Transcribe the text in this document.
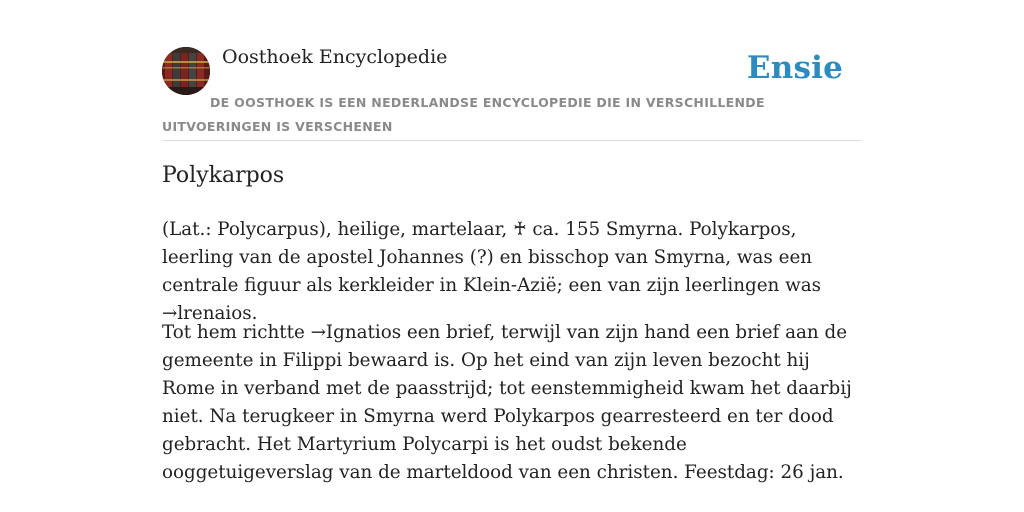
Oosthoek Encyclopedie	Ensie
DE OOSTHOEK IS EEN NEDERLANDSE ENCYCLOPEDIE DIE IN VERSCHILLENDE UITVOERINGEN IS VERSCHENEN
Polykarpos

(Lat.: Polycarpus), heilige, martelaar, ♰ ca. 155 Smyrna. Polykarpos, leerling van de apostel Johannes (?) en bisschop van Smyrna, was een centrale figuur als kerkleider in Klein-Azië; een van zijn leerlingen was →lrenaios.

Tot hem richtte →Ignatios een brief, terwijl van zijn hand een brief aan de gemeente in Filippi bewaard is. Op het eind van zijn leven bezocht hij Rome in verband met de paasstrijd; tot eenstemmigheid kwam het daarbij niet. Na terugkeer in Smyrna werd Polykarpos gearresteerd en ter dood gebracht. Het Martyrium Polycarpi is het oudst bekende ooggetuigeverslag van de marteldood van een christen. Feestdag: 26 jan.
